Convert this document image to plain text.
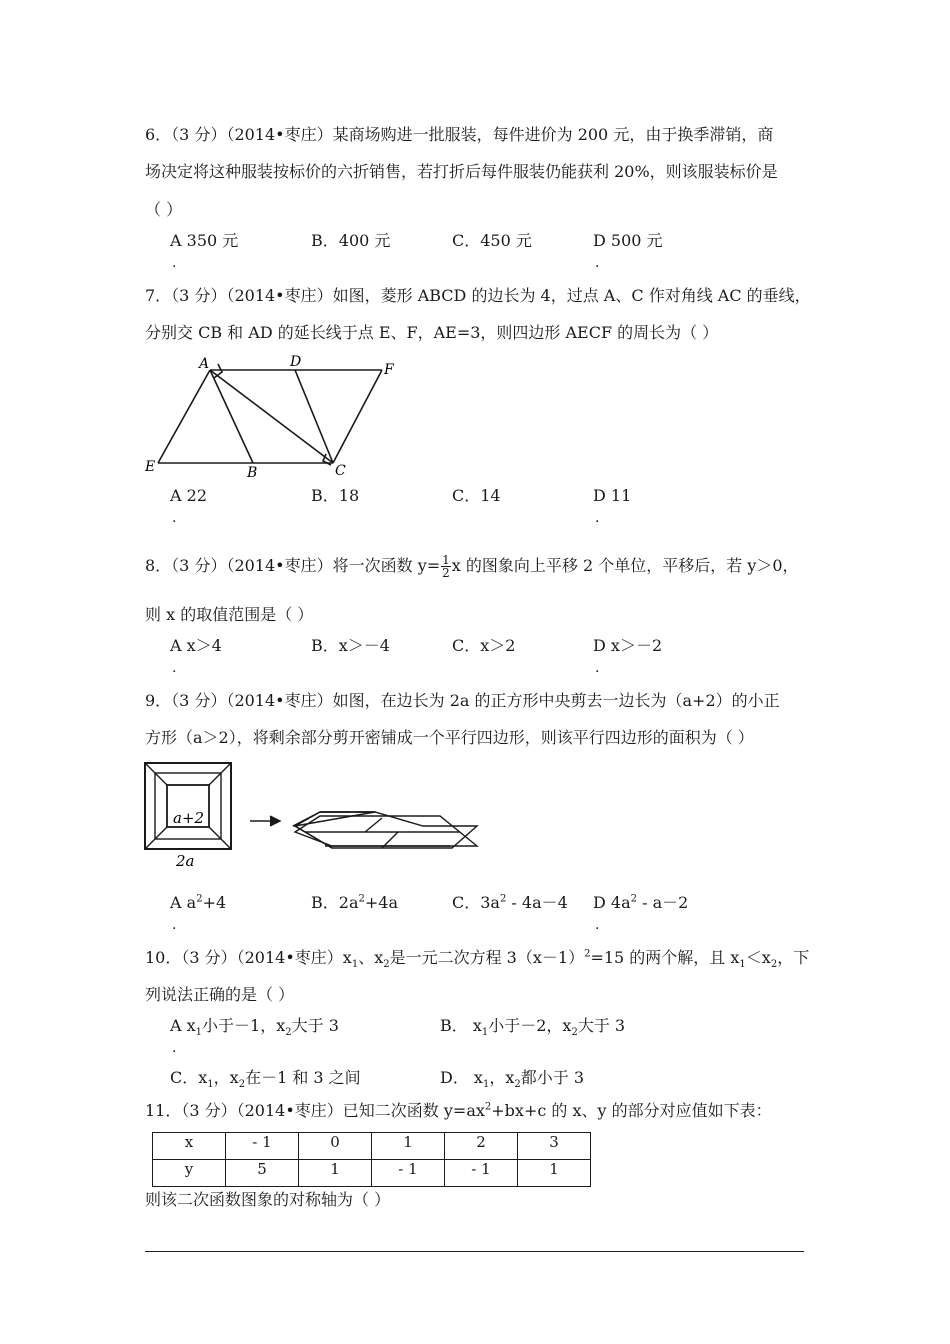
6．（3 分）（2014•枣庄）某商场购进一批服装，每件进价为 200 元，由于换季滞销，商
场决定将这种服装按标价的六折销售，若打折后每件服装仍能获利 20%，则该服装标价是
（ ）
A 350 元	B．400 元	C．450 元	D 500 元
.	.
7．（3 分）（2014•枣庄）如图，菱形 ABCD 的边长为 4，过点 A、C 作对角线 AC 的垂线，
分别交 CB 和 AD 的延长线于点 E、F，AE=3，则四边形 AECF 的周长为（ ）
A
B	C
D
E
F
A 22	B．18	C．14	D 11
.	.
8．（3 分）（2014•枣庄）将一次函数 $y= \frac{1}{2}$ x 的图象向上平移 2 个单位，平移后，若 y＞0，
则 x 的取值范围是（ ）
A x＞4	B．x＞－4	C．x＞2	D x＞－2
.	.
9．（3 分）（2014•枣庄）如图，在边长为 2a 的正方形中央剪去一边长为（a+2）的小正
方形（a＞2），将剩余部分剪开密铺成一个平行四边形，则该平行四边形的面积为（ ）
a+2
2a
A $a^2+4$	B．$2a^2+4a$	C．$3a^2 - 4a-4$ D $4a^2 - a-2$
.	.
10．（3 分）（2014•枣庄）$x_1$、$x_2$是一元二次方程 $3(x-1)^2=15$ 的两个解，且 $x_1<x_2$，下
列说法正确的是（ ）
A $x_1$小于－1，$x_2$大于 3	B． $x_1$小于－2，$x_2$大于 3
.
C．$x_1$，$x_2$在－1 和 3 之间	D． $x_1$，$x_2$都小于 3
11．（3 分）（2014•枣庄）已知二次函数 $y=ax^2+bx+c$ 的 x、y 的部分对应值如下表：
x	- 1	0	1	2	3
y	5	1	- 1	- 1	1
则该二次函数图象的对称轴为（ ）
